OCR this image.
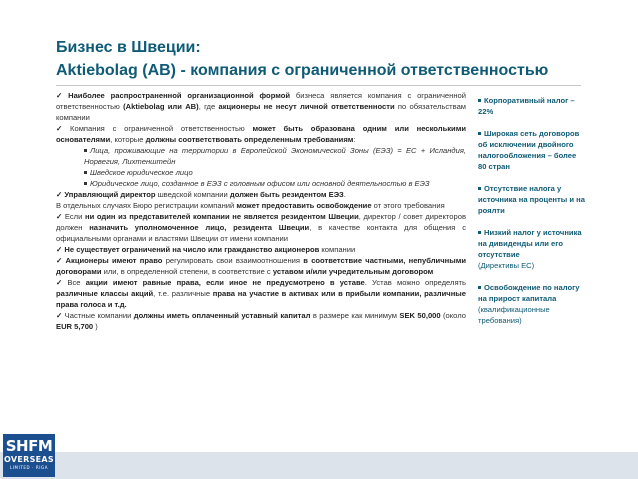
Бизнес в Швеции:
Aktiebolag (AB) - компания с ограниченной ответственностью

✓ Наиболее распространенной организационной формой бизнеса является компания с ограниченной ответственностью (Aktiebolag или AB), где акционеры не несут личной ответственности по обязательствам компании

✓ Компания с ограниченной ответственностью может быть образована одним или несколькими основателями, которые должны соответствовать определенным требованиям:

Лица, проживающие на территории в Европейской Экономической Зоны (ЕЭЗ) = ЕС + Исландия, Норвегия, Лихтенштейн

Шведское юридическое лицо

Юридическое лицо, созданное в ЕЭЗ с головным офисом или основной деятельностью в ЕЭЗ

✓ Управляющий директор шведской компании должен быть резидентом ЕЭЗ.

В отдельных случаях Бюро регистрации компаний может предоставить освобождение от этого требования

✓ Если ни один из представителей компании не является резидентом Швеции, директор / совет директоров должен назначить уполномоченное лицо, резидента Швеции, в качестве контакта для общения с официальными органами и властями Швеции от имени компании

✓ Не существует ограничений на число или гражданство акционеров компании

✓ Акционеры имеют право регулировать свои взаимоотношения в соответствие частными, непубличными договорами или, в определенной степени, в соответствие с уставом и/или учредительным договором

✓ Все акции имеют равные права, если иное не предусмотрено в уставе. Устав можно определять различные классы акций, т.е. различные права на участие в активах или в прибыли компании, различные права голоса и т.д.

✓ Частные компании должны иметь оплаченный уставный капитал в размере как минимум SEK 50,000 (около EUR 5,700 )

Корпоративный налог – 22%
Широкая сеть договоров об исключении двойного налогообложения – более 80 стран
Отсутствие налога у источника на проценты и на роялти
Низкий налог у источника на дивиденды или его отсутствие
(Директивы ЕС)
Освобождение по налогу на прирост капитала
(квалификационные требования)
SHFM
OVERSEAS
LIMITED · RIGA
